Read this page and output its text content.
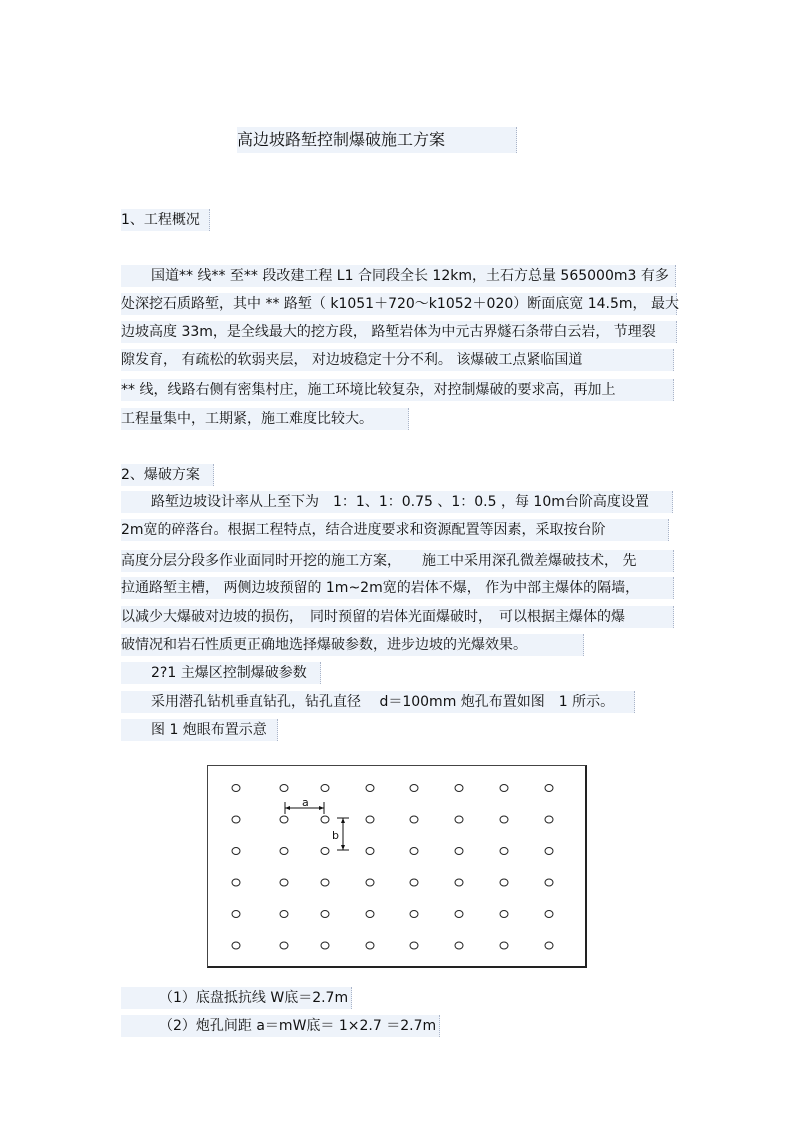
高边坡路堑控制爆破施工方案
1、工程概况
国道** 线** 至** 段改建工程 L1 合同段全长 12km，土石方总量 565000m3 有多
处深挖石质路堑，其中 ** 路堑（ k1051＋720～k1052＋020）断面底宽 14.5m， 最大
边坡高度 33m，是全线最大的挖方段， 路堑岩体为中元古界燧石条带白云岩， 节理裂
隙发育， 有疏松的软弱夹层， 对边坡稳定十分不利。 该爆破工点紧临国道
** 线，线路右侧有密集村庄，施工环境比较复杂，对控制爆破的要求高，再加上
工程量集中，工期紧，施工难度比较大。
2、爆破方案
路堑边坡设计率从上至下为　1：1、1：0.75 、1：0.5 ，每 10m台阶高度设置
2m宽的碎落台。根据工程特点，结合进度要求和资源配置等因素，采取按台阶
高度分层分段多作业面同时开挖的施工方案，　　施工中采用深孔微差爆破技术， 先
拉通路堑主槽， 两侧边坡预留的 1m~2m宽的岩体不爆， 作为中部主爆体的隔墙，
以减少大爆破对边坡的损伤，　同时预留的岩体光面爆破时，　可以根据主爆体的爆
破情况和岩石性质更正确地选择爆破参数，进步边坡的光爆效果。
2?1 主爆区控制爆破参数
采用潜孔钻机垂直钻孔，钻孔直径　 d＝100mm 炮孔布置如图　1 所示。
图 1 炮眼布置示意
a
b
（1）底盘抵抗线 W底＝2.7m
（2）炮孔间距 a＝mW底＝ 1×2.7 ＝2.7m
